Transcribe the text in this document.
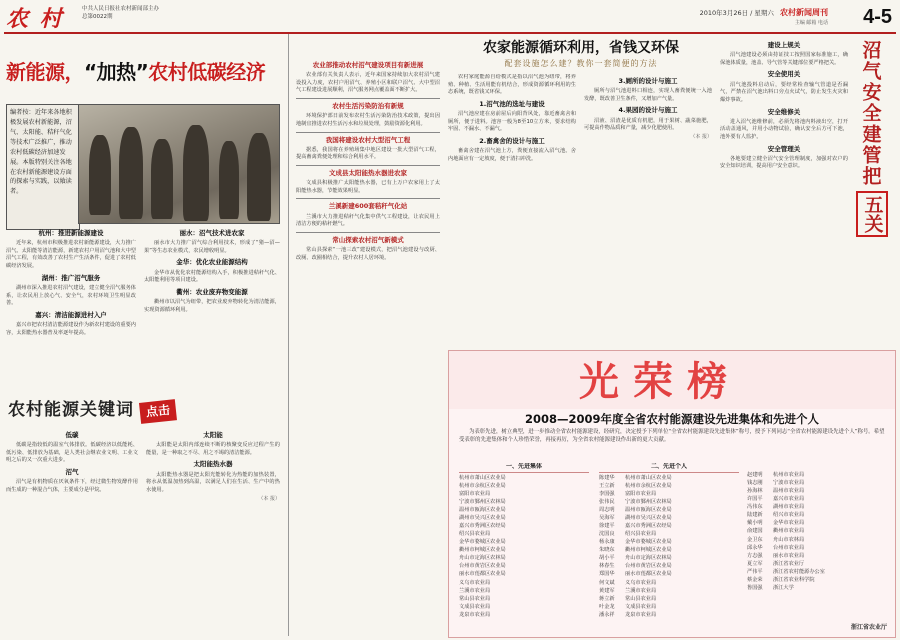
农 村	中共人民日报社农村新闻部主办
总第0022期	2010年3月26日 / 星期六 农村新闻周刊
主编 邮箱 电话 4-5
新能源，“加热”农村低碳经济
编者按：近年来各地积极发展农村新能源，沼气、太阳能、秸秆气化等技术广泛推广，推动农村低碳经济加速发展。本版特别关注各地在农村新能源建设方面的探索与实践，以飨读者。
杭州：推进新能源建设
近年来，杭州市积极推进农村新能源建设，大力推广沼气、太阳能等清洁能源，新建农村户用沼气池和大中型沼气工程，有效改善了农村生产生活条件，促进了农村低碳经济发展。
湖州：推广沼气服务
湖州市深入推进农村沼气建设，建立健全沼气服务体系，让农民用上放心气、安全气，农村环境卫生明显改善。
嘉兴：清洁能源进村入户
嘉兴市把农村清洁能源建设作为新农村建设的重要内容，太阳能热水器普及率逐年提高。
丽水：沼气技术进农家
丽水市大力推广沼气综合利用技术，形成了“猪—沼—果”等生态农业模式，农民增收明显。
金华：优化农业能源结构
金华市从优化农村能源结构入手，积极推进秸秆气化、太阳能利用等项目建设。
衢州：农业废弃物变能源
衢州市以沼气为纽带，把农业废弃物转化为清洁能源，实现资源循环利用。
农村能源关键词 点击
低碳
低碳是指较低的温室气体排放。低碳经济以低能耗、低污染、低排放为基础，是人类社会继农业文明、工业文明之后的又一次重大进步。
沼气
沼气是有机物质在厌氧条件下，经过微生物发酵作用而生成的一种混合气体，主要成分是甲烷。
太阳能
太阳能是太阳内部连续不断的核聚变反应过程产生的能量，是一种取之不尽、用之不竭的清洁能源。
太阳能热水器
太阳能热水器是把太阳光能转化为热能的加热装置，将水从低温加热到高温，以满足人们在生活、生产中的热水使用。
（本 报）
农业部推动农村沼气建设项目有新进展
农业部有关负责人表示，近年来国家持续加大农村沼气建设投入力度，农村户用沼气、养殖小区和联户沼气、大中型沼气工程建设进展顺利，沼气服务网点覆盖面不断扩大。
农村生活污染防治有新规
环境保护部日前发布农村生活污染防治技术政策，提出因地制宜推进农村生活污水和垃圾处理，鼓励资源化利用。
我国将建设农村大型沼气工程
据悉，我国将在养殖场集中地区建设一批大型沼气工程，提高畜禽粪便处理和综合利用水平。
文成县太阳能热水器进农家
文成县积极推广太阳能热水器，已有上万户农家用上了太阳能热水器，节能效果明显。
兰溪新建600套秸秆气化站
兰溪市大力推进秸秆气化集中供气工程建设，让农民用上清洁方便的秸秆燃气。
常山探索农村沼气新模式
常山县探索“一池三改”建设模式，把沼气池建设与改厨、改厕、改圈相结合，提升农村人居环境。
农家能源循环利用，省钱又环保
配套设施怎么建？教你一套简便的方法
农村家庭能源自给模式是指以沼气池为纽带，将养殖、种植、生活用能有机结合，形成资源循环利用的生态系统，既省钱又环保。
1.沼气池的选址与建设
沼气池应建在房前屋后向阳背风处，靠近畜禽舍和厕所，便于进料。池容一般为8至10立方米，要求结构牢固、不漏水、不漏气。
2.畜禽舍的设计与施工
畜禽舍建在沼气池上方，粪便直接流入沼气池。舍内地面应有一定坡度，便于清扫冲洗。
3.厕所的设计与施工
厕所与沼气池进料口相连，实现人畜粪便统一入池发酵，既改善卫生条件，又增加产气量。
4.果园的设计与施工
沼液、沼渣是优质有机肥，用于果树、蔬菜施肥，可提高作物品质和产量，减少化肥使用。
（本 报）
建设上规关
沼气池建设必须由持证技工按照国家标准施工，确保池体质量，池盖、导气管等关键部位要严格把关。
安全使用关
沼气池投料启动后，要经常检查输气管道是否漏气，严禁在沼气池出料口旁点火试气，防止发生火灾和爆炸事故。
安全维修关
进入沼气池维修前，必须先将池内料液出空，打开活动盖通风，并用小动物试验，确认安全后方可下池，池外要有人监护。
安全管理关
各地要建立健全沼气安全管理制度，加强对农户的安全知识培训，提高用户安全意识。	沼气安全建管把
五关
光荣榜
2008—2009年度全省农村能源建设先进集体和先进个人
为表彰先进，树立典型，进一步推动全省农村能源建设，经研究，决定授予下列单位“全省农村能源建设先进集体”称号，授予下列同志“全省农村能源建设先进个人”称号。希望受表彰的先进集体和个人珍惜荣誉，再接再厉，为全省农村能源建设作出新的更大贡献。
一、先进集体
杭州市萧山区农业局
杭州市余杭区农业局
富阳市农业局
宁波市鄞州区农林局
温州市瓯海区农业局
湖州市吴兴区农业局
嘉兴市秀洲区农经局
绍兴县农业局
金华市婺城区农业局
衢州市柯城区农业局
舟山市定海区农林局
台州市黄岩区农业局
丽水市莲都区农业局
义乌市农业局
兰溪市农业局
常山县农业局
文成县农业局
龙泉市农业局
二、先进个人
陈建华 杭州市萧山区农业局
王立新 杭州市余杭区农业局
李国强 富阳市农业局
张伟民 宁波市鄞州区农林局
周志明 温州市瓯海区农业局
吴海军 湖州市吴兴区农业局
徐建平 嘉兴市秀洲区农经局
沈国良 绍兴县农业局
杨永康 金华市婺城区农业局
朱晓东 衢州市柯城区农业局
胡小平 舟山市定海区农林局
林春生 台州市黄岩区农业局
郑国华 丽水市莲都区农业局
何文斌 义乌市农业局
黄建军 兰溪市农业局
蒋立新 常山县农业局
叶金龙 文成县农业局
潘永祥 龙泉市农业局
赵建明 杭州市农业局
钱志刚 宁波市农业局
孙海林 温州市农业局
许国平 嘉兴市农业局
冯伟东 湖州市农业局
陆建新 绍兴市农业局
戴小明 金华市农业局
俞建国 衢州市农业局
金卫东 舟山市农林局
邱永华 台州市农业局
方志强 丽水市农业局
夏立军 浙江省农业厅
严伟平 浙江省农村能源办公室
蔡金荣 浙江省农业科学院
鲁国强 浙江大学
浙江省农业厅
